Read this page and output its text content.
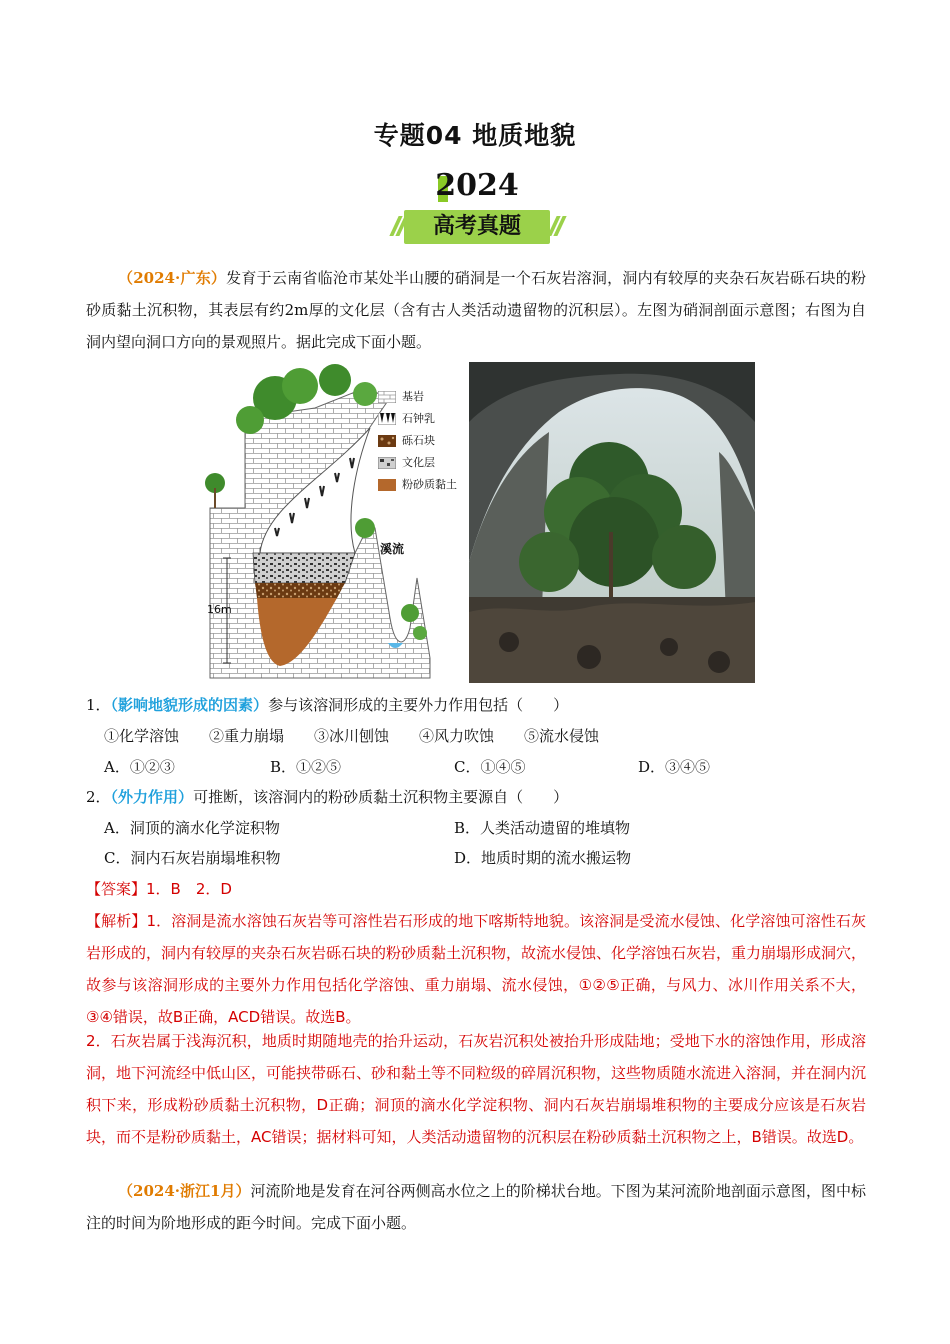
专题04 地质地貌
2024
高考真题
（2024·广东）发育于云南省临沧市某处半山腰的硝洞是一个石灰岩溶洞，洞内有较厚的夹杂石灰岩砾石块的粉砂质黏土沉积物，其表层有约2m厚的文化层（含有古人类活动遗留物的沉积层）。左图为硝洞剖面示意图；右图为自洞内望向洞口方向的景观照片。据此完成下面小题。
16m
溪流
基岩
石钟乳
砾石块
文化层
粉砂质黏土
1．（影响地貌形成的因素）参与该溶洞形成的主要外力作用包括（　　）
①化学溶蚀　　②重力崩塌　　③冰川刨蚀　　④风力吹蚀　　⑤流水侵蚀
A．①②③	B．①②⑤	C．①④⑤	D．③④⑤
2．（外力作用）可推断，该溶洞内的粉砂质黏土沉积物主要源自（　　）
A．洞顶的滴水化学淀积物	B．人类活动遗留的堆填物
C．洞内石灰岩崩塌堆积物	D．地质时期的流水搬运物
【答案】1．B　2．D
【解析】1．溶洞是流水溶蚀石灰岩等可溶性岩石形成的地下喀斯特地貌。该溶洞是受流水侵蚀、化学溶蚀可溶性石灰岩形成的，洞内有较厚的夹杂石灰岩砾石块的粉砂质黏土沉积物，故流水侵蚀、化学溶蚀石灰岩，重力崩塌形成洞穴，故参与该溶洞形成的主要外力作用包括化学溶蚀、重力崩塌、流水侵蚀，①②⑤正确，与风力、冰川作用关系不大，③④错误，故B正确，ACD错误。故选B。
2．石灰岩属于浅海沉积，地质时期随地壳的抬升运动，石灰岩沉积处被抬升形成陆地；受地下水的溶蚀作用，形成溶洞，地下河流经中低山区，可能挟带砾石、砂和黏土等不同粒级的碎屑沉积物，这些物质随水流进入溶洞，并在洞内沉积下来，形成粉砂质黏土沉积物，D正确；洞顶的滴水化学淀积物、洞内石灰岩崩塌堆积物的主要成分应该是石灰岩块，而不是粉砂质黏土，AC错误；据材料可知，人类活动遗留物的沉积层在粉砂质黏土沉积物之上，B错误。故选D。
（2024·浙江1月）河流阶地是发育在河谷两侧高水位之上的阶梯状台地。下图为某河流阶地剖面示意图，图中标注的时间为阶地形成的距今时间。完成下面小题。
